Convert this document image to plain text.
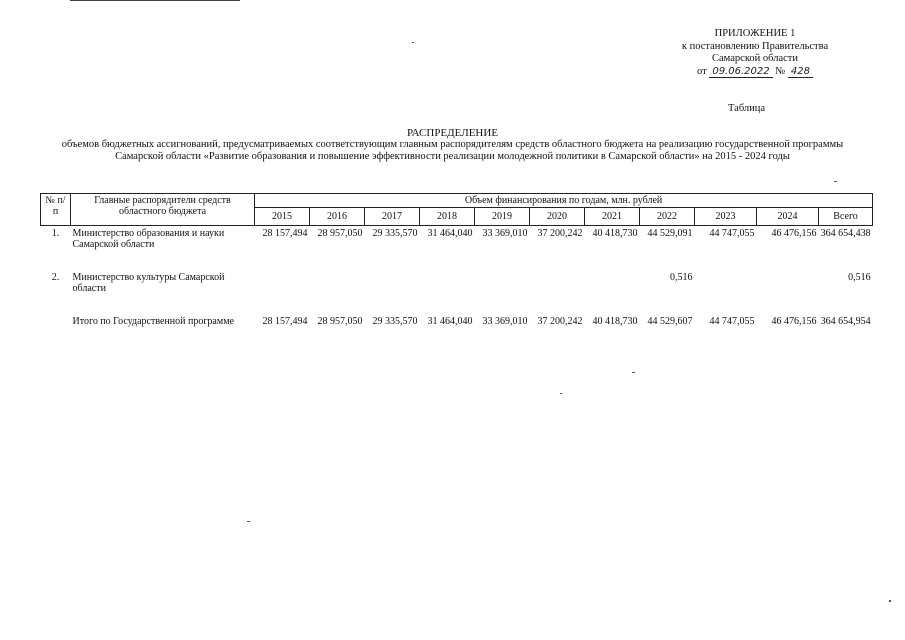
ПРИЛОЖЕНИЕ 1
к постановлению Правительства
Самарской области
от 09.06.2022 № 428
Таблица
РАСПРЕДЕЛЕНИЕ
объемов бюджетных ассигнований, предусматриваемых соответствующим главным распорядителям средств областного бюджета на реализацию государственной программы
Самарской области «Развитие образования и повышение эффективности реализации молодежной политики в Самарской области» на 2015 - 2024 годы
№ п/п	Главные распорядители средств областного бюджета	Объем финансирования по годам, млн. рублей										
		2015	2016	2017	2018	2019	2020	2021	2022	2023	2024	Всего
1.	Министерство образования и науки Самарской области	28 157,494	28 957,050	29 335,570	31 464,040	33 369,010	37 200,242	40 418,730	44 529,091	44 747,055	46 476,156	364 654,438

2.	Министерство культуры Самарской области								0,516			0,516

	Итого по Государственной программе	28 157,494	28 957,050	29 335,570	31 464,040	33 369,010	37 200,242	40 418,730	44 529,607	44 747,055	46 476,156	364 654,954
